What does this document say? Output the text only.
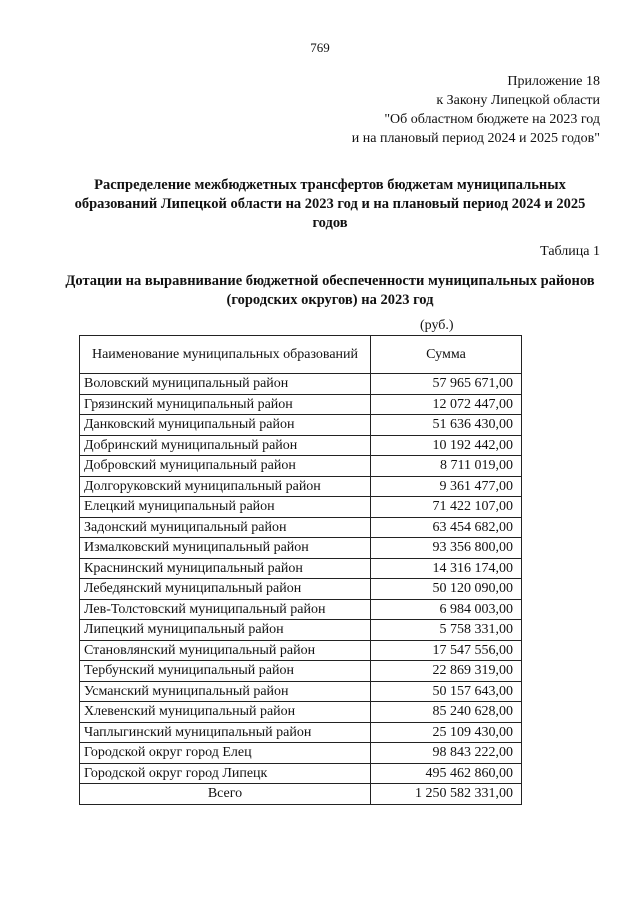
769
Приложение 18
к Закону Липецкой области
"Об областном бюджете на 2023 год
и на плановый период 2024 и 2025 годов"
Распределение межбюджетных трансфертов бюджетам муниципальных образований Липецкой области на 2023 год и на плановый период 2024 и 2025 годов
Таблица 1
Дотации на выравнивание бюджетной обеспеченности муниципальных районов (городских округов) на 2023 год
(руб.)
Наименование муниципальных образований	Сумма
Воловский муниципальный район	57 965 671,00
Грязинский муниципальный район	12 072 447,00
Данковский муниципальный район	51 636 430,00
Добринский муниципальный район	10 192 442,00
Добровский муниципальный район	8 711 019,00
Долгоруковский муниципальный район	9 361 477,00
Елецкий муниципальный район	71 422 107,00
Задонский муниципальный район	63 454 682,00
Измалковский муниципальный район	93 356 800,00
Краснинский муниципальный район	14 316 174,00
Лебедянский муниципальный район	50 120 090,00
Лев-Толстовский муниципальный район	6 984 003,00
Липецкий муниципальный район	5 758 331,00
Становлянский муниципальный район	17 547 556,00
Тербунский муниципальный район	22 869 319,00
Усманский муниципальный район	50 157 643,00
Хлевенский муниципальный район	85 240 628,00
Чаплыгинский муниципальный район	25 109 430,00
Городской округ город Елец	98 843 222,00
Городской округ город Липецк	495 462 860,00
Всего	1 250 582 331,00
